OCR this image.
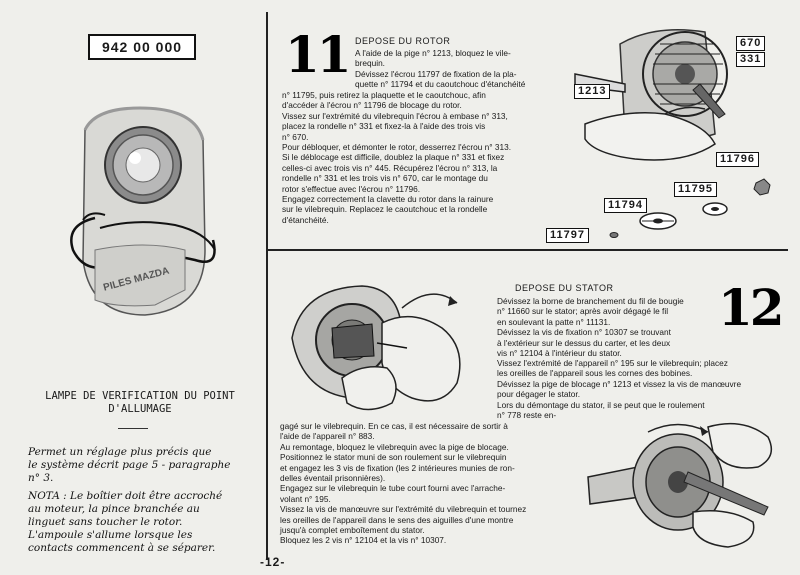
942 00 000
PILES MAZDA
LAMPE DE VERIFICATION DU POINT
D'ALLUMAGE
Permet un réglage plus précis que
le système décrit page 5 - paragraphe
n° 3.
NOTA : Le boîtier doit être accroché
au moteur, la pince branchée au
linguet sans toucher le rotor.
L'ampoule s'allume lorsque les
contacts commencent à se séparer.
11 DEPOSE DU ROTOR
A l'aide de la pige n° 1213, bloquez le vile-
brequin.
Dévissez l'écrou 11797 de fixation de la pla-
quette n° 11794 et du caoutchouc d'étanchéité
n° 11795, puis retirez la plaquette et le caoutchouc, afin
d'accéder à l'écrou n° 11796 de blocage du rotor.
Vissez sur l'extrémité du vilebrequin l'écrou à embase n° 313,
placez la rondelle n° 331 et fixez-la à l'aide des trois vis
n° 670.
Pour débloquer, et démonter le rotor, desserrez l'écrou n° 313.
Si le déblocage est difficile, doublez la plaque n° 331 et fixez
celles-ci avec trois vis n° 445. Récupérez l'écrou n° 313, la
rondelle n° 331 et les trois vis n° 670, car le montage du
rotor s'effectue avec l'écrou n° 11796.
Engagez correctement la clavette du rotor dans la rainure
sur le vilebrequin. Replacez le caoutchouc et la rondelle
d'étanchéité.
670
331
1213
11796
11795
11794
11797
DEPOSE DU STATOR 12
Dévissez la borne de branchement du fil de bougie
n° 11660 sur le stator; après avoir dégagé le fil
en soulevant la patte n° 11131.
Dévissez la vis de fixation n° 10307 se trouvant
à l'extérieur sur le dessus du carter, et les deux
vis n° 12104 à l'intérieur du stator.
Vissez l'extrémité de l'appareil n° 195 sur le vilebrequin; placez
les oreilles de l'appareil sous les cornes des bobines.
Dévissez la pige de blocage n° 1213 et vissez la vis de manœuvre
pour dégager le stator.
Lors du démontage du stator, il se peut que le roulement
n° 778 reste en-
gagé sur le vilebrequin. En ce cas, il est nécessaire de sortir à
l'aide de l'appareil n° 883.
Au remontage, bloquez le vilebrequin avec la pige de blocage.
Positionnez le stator muni de son roulement sur le vilebrequin
et engagez les 3 vis de fixation (les 2 intérieures munies de ron-
delles éventail prisonnières).
Engagez sur le vilebrequin le tube court fourni avec l'arrache-
volant n° 195.
Vissez la vis de manœuvre sur l'extrémité du vilebrequin et tournez
les oreilles de l'appareil dans le sens des aiguilles d'une montre
jusqu'à complet emboîtement du stator.
Bloquez les 2 vis n° 12104 et la vis n° 10307.
-12-
